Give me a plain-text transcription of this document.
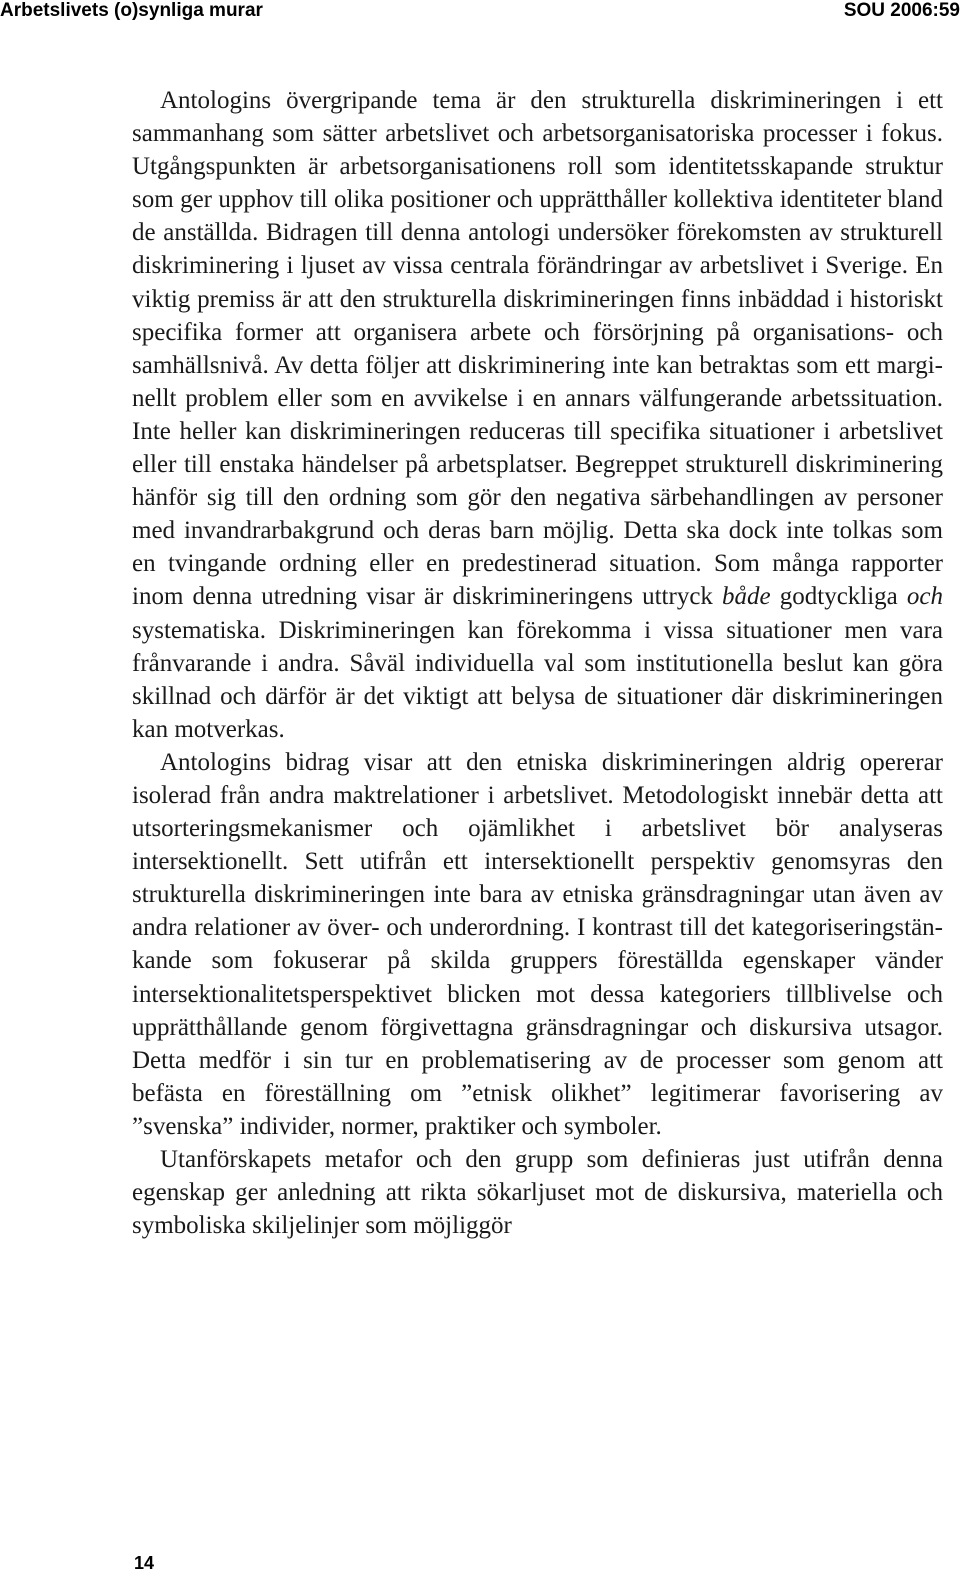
Arbetslivets (o)synliga murar	SOU 2006:59

Antologins övergripande tema är den strukturella diskrimineringen i ett sammanhang som sätter arbetslivet och arbetsorganisatoriska processer i fokus. Utgångspunkten är arbetsorganisationens roll som identitetsskapande struktur som ger upphov till olika positioner och upprätthåller kollektiva identiteter bland de anställda. Bidragen till denna antologi undersöker förekomsten av strukturell diskriminering i ljuset av vissa centrala förändringar av arbetslivet i Sverige. En viktig premiss är att den strukturella diskrimineringen finns inbäddad i historiskt specifika former att organisera arbete och försörjning på organisations- och samhällsnivå. Av detta följer att diskriminering inte kan betraktas som ett marginellt problem eller som en avvikelse i en annars välfungerande arbetssituation. Inte heller kan diskrimineringen reduceras till specifika situationer i arbetslivet eller till enstaka händelser på arbetsplatser. Begreppet strukturell diskriminering hänför sig till den ordning som gör den negativa särbehandlingen av personer med invandrarbakgrund och deras barn möjlig. Detta ska dock inte tolkas som en tvingande ordning eller en predestinerad situation. Som många rapporter inom denna utredning visar är diskrimineringens uttryck både godtyckliga och systematiska. Diskrimineringen kan förekomma i vissa situationer men vara frånvarande i andra. Såväl individuella val som institutionella beslut kan göra skillnad och därför är det viktigt att belysa de situationer där diskrimineringen kan motverkas.

Antologins bidrag visar att den etniska diskrimineringen aldrig opererar isolerad från andra maktrelationer i arbetslivet. Metodologiskt innebär detta att utsorteringsmekanismer och ojämlikhet i arbetslivet bör analyseras intersektionellt. Sett utifrån ett intersektionellt perspektiv genomsyras den strukturella diskrimineringen inte bara av etniska gränsdragningar utan även av andra relationer av över- och underordning. I kontrast till det kategoriseringstänkande som fokuserar på skilda gruppers föreställda egenskaper vänder intersektionalitetsperspektivet blicken mot dessa kategoriers tillblivelse och upprätthållande genom förgivettagna gränsdragningar och diskursiva utsagor. Detta medför i sin tur en problematisering av de processer som genom att befästa en föreställning om ”etnisk olikhet” legitimerar favorisering av ”svenska” individer, normer, praktiker och symboler.

Utanförskapets metafor och den grupp som definieras just utifrån denna egenskap ger anledning att rikta sökarljuset mot de diskursiva, materiella och symboliska skiljelinjer som möjliggör

14
